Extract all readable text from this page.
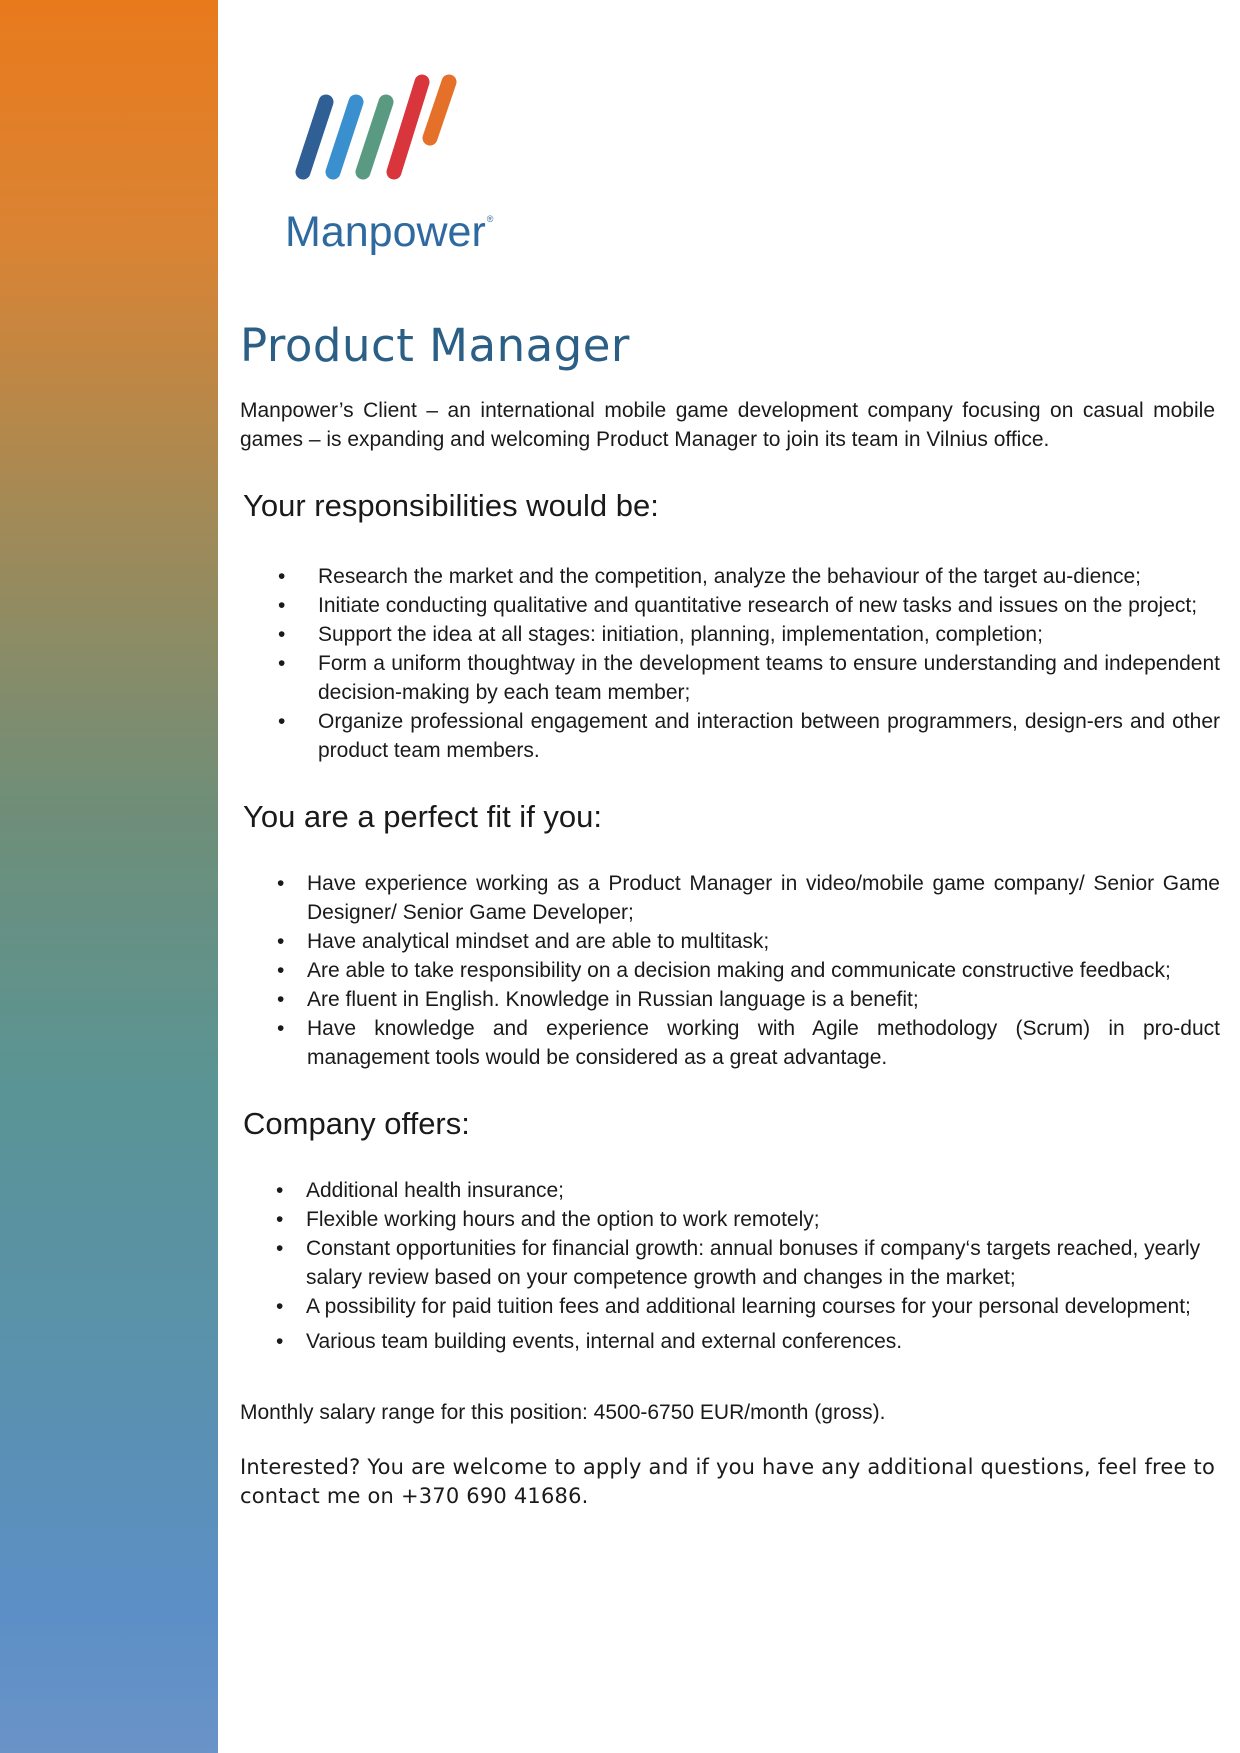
Manpower®
Product Manager

Manpower’s Client – an international mobile game development company focusing on casual mobile games – is expanding and welcoming Product Manager to join its team in Vilnius office.

Your responsibilities would be:
• Research the market and the competition, analyze the behaviour of the target au-dience;
• Initiate conducting qualitative and quantitative research of new tasks and issues on the project;
• Support the idea at all stages: initiation, planning, implementation, completion;
• Form a uniform thoughtway in the development teams to ensure understanding and independent decision-making by each team member;
• Organize professional engagement and interaction between programmers, design-ers and other product team members.
You are a perfect fit if you:
• Have experience working as a Product Manager in video/mobile game company/ Senior Game Designer/ Senior Game Developer;
• Have analytical mindset and are able to multitask;
• Are able to take responsibility on a decision making and communicate constructive feedback;
• Are fluent in English. Knowledge in Russian language is a benefit;
• Have knowledge and experience working with Agile methodology (Scrum) in pro-duct management tools would be considered as a great advantage.
Company offers:
• Additional health insurance;
• Flexible working hours and the option to work remotely;
• Constant opportunities for financial growth: annual bonuses if company‘s targets reached, yearly salary review based on your competence growth and changes in the market;
• A possibility for paid tuition fees and additional learning courses for your personal development;
• Various team building events, internal and external conferences.
Monthly salary range for this position: 4500-6750 EUR/month (gross).
Interested? You are welcome to apply and if you have any additional questions, feel free to contact me on +370 690 41686.
